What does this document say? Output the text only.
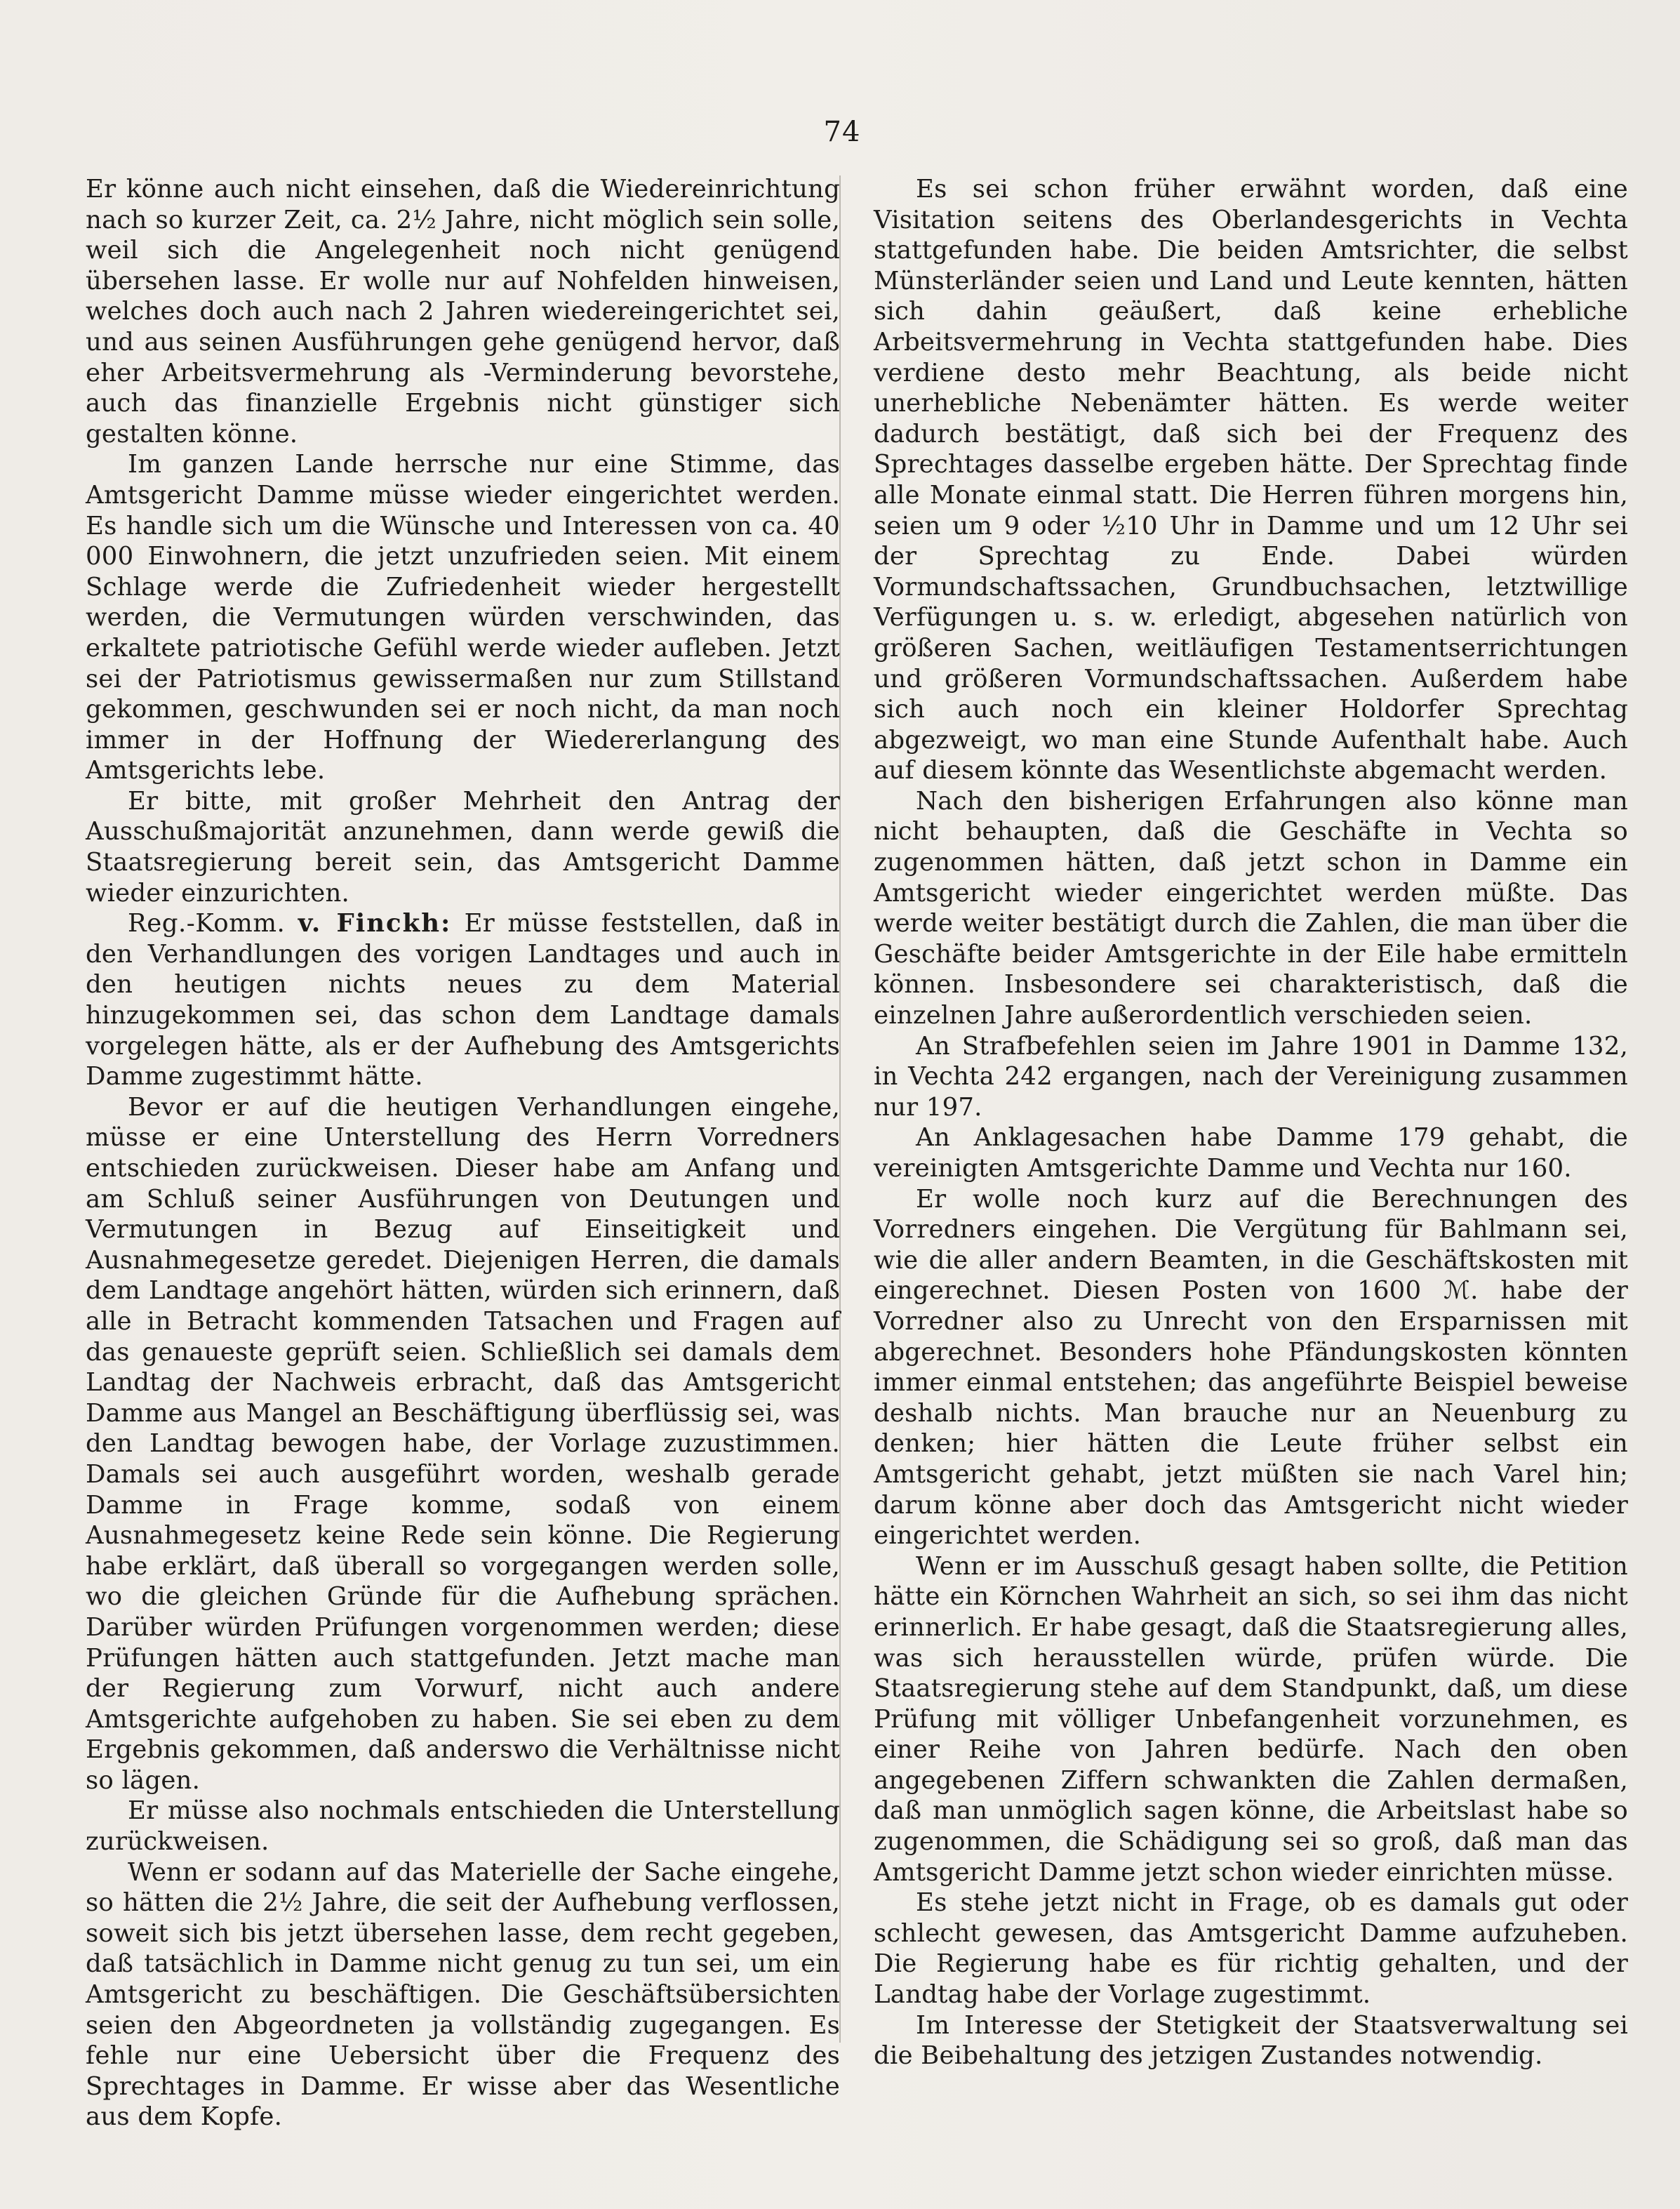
74

Er könne auch nicht einsehen, daß die Wiedereinrichtung nach so kurzer Zeit, ca. 2½ Jahre, nicht möglich sein solle, weil sich die Angelegenheit noch nicht genügend übersehen lasse. Er wolle nur auf Nohfelden hinweisen, welches doch auch nach 2 Jahren wiedereingerichtet sei, und aus seinen Ausführungen gehe genügend hervor, daß eher Arbeitsvermehrung als -Verminderung bevorstehe, auch das finanzielle Ergebnis nicht günstiger sich gestalten könne.

Im ganzen Lande herrsche nur eine Stimme, das Amtsgericht Damme müsse wieder eingerichtet werden. Es handle sich um die Wünsche und Interessen von ca. 40 000 Einwohnern, die jetzt unzufrieden seien. Mit einem Schlage werde die Zufriedenheit wieder hergestellt werden, die Vermutungen würden verschwinden, das erkaltete patriotische Gefühl werde wieder aufleben. Jetzt sei der Patriotismus gewissermaßen nur zum Stillstand gekommen, geschwunden sei er noch nicht, da man noch immer in der Hoffnung der Wiedererlangung des Amtsgerichts lebe.

Er bitte, mit großer Mehrheit den Antrag der Ausschußmajorität anzunehmen, dann werde gewiß die Staatsregierung bereit sein, das Amtsgericht Damme wieder einzurichten.

Reg.-Komm. v. Finckh: Er müsse feststellen, daß in den Verhandlungen des vorigen Landtages und auch in den heutigen nichts neues zu dem Material hinzugekommen sei, das schon dem Landtage damals vorgelegen hätte, als er der Aufhebung des Amtsgerichts Damme zugestimmt hätte.

Bevor er auf die heutigen Verhandlungen eingehe, müsse er eine Unterstellung des Herrn Vorredners entschieden zurückweisen. Dieser habe am Anfang und am Schluß seiner Ausführungen von Deutungen und Vermutungen in Bezug auf Einseitigkeit und Ausnahmegesetze geredet. Diejenigen Herren, die damals dem Landtage angehört hätten, würden sich erinnern, daß alle in Betracht kommenden Tatsachen und Fragen auf das genaueste geprüft seien. Schließlich sei damals dem Landtag der Nachweis erbracht, daß das Amtsgericht Damme aus Mangel an Beschäftigung überflüssig sei, was den Landtag bewogen habe, der Vorlage zuzustimmen. Damals sei auch ausgeführt worden, weshalb gerade Damme in Frage komme, sodaß von einem Ausnahmegesetz keine Rede sein könne. Die Regierung habe erklärt, daß überall so vorgegangen werden solle, wo die gleichen Gründe für die Aufhebung sprächen. Darüber würden Prüfungen vorgenommen werden; diese Prüfungen hätten auch stattgefunden. Jetzt mache man der Regierung zum Vorwurf, nicht auch andere Amtsgerichte aufgehoben zu haben. Sie sei eben zu dem Ergebnis gekommen, daß anderswo die Verhältnisse nicht so lägen.

Er müsse also nochmals entschieden die Unterstellung zurückweisen.

Wenn er sodann auf das Materielle der Sache eingehe, so hätten die 2½ Jahre, die seit der Aufhebung verflossen, soweit sich bis jetzt übersehen lasse, dem recht gegeben, daß tatsächlich in Damme nicht genug zu tun sei, um ein Amtsgericht zu beschäftigen. Die Geschäftsübersichten seien den Abgeordneten ja vollständig zugegangen. Es fehle nur eine Uebersicht über die Frequenz des Sprechtages in Damme. Er wisse aber das Wesentliche aus dem Kopfe.

Es sei schon früher erwähnt worden, daß eine Visitation seitens des Oberlandesgerichts in Vechta stattgefunden habe. Die beiden Amtsrichter, die selbst Münsterländer seien und Land und Leute kennten, hätten sich dahin geäußert, daß keine erhebliche Arbeitsvermehrung in Vechta stattgefunden habe. Dies verdiene desto mehr Beachtung, als beide nicht unerhebliche Nebenämter hätten. Es werde weiter dadurch bestätigt, daß sich bei der Frequenz des Sprechtages dasselbe ergeben hätte. Der Sprechtag finde alle Monate einmal statt. Die Herren führen morgens hin, seien um 9 oder ½10 Uhr in Damme und um 12 Uhr sei der Sprechtag zu Ende. Dabei würden Vormundschaftssachen, Grundbuchsachen, letztwillige Verfügungen u. s. w. erledigt, abgesehen natürlich von größeren Sachen, weitläufigen Testamentserrichtungen und größeren Vormundschaftssachen. Außerdem habe sich auch noch ein kleiner Holdorfer Sprechtag abgezweigt, wo man eine Stunde Aufenthalt habe. Auch auf diesem könnte das Wesentlichste abgemacht werden.

Nach den bisherigen Erfahrungen also könne man nicht behaupten, daß die Geschäfte in Vechta so zugenommen hätten, daß jetzt schon in Damme ein Amtsgericht wieder eingerichtet werden müßte. Das werde weiter bestätigt durch die Zahlen, die man über die Geschäfte beider Amtsgerichte in der Eile habe ermitteln können. Insbesondere sei charakteristisch, daß die einzelnen Jahre außerordentlich verschieden seien.

An Strafbefehlen seien im Jahre 1901 in Damme 132, in Vechta 242 ergangen, nach der Vereinigung zusammen nur 197.

An Anklagesachen habe Damme 179 gehabt, die vereinigten Amtsgerichte Damme und Vechta nur 160.

Er wolle noch kurz auf die Berechnungen des Vorredners eingehen. Die Vergütung für Bahlmann sei, wie die aller andern Beamten, in die Geschäftskosten mit eingerechnet. Diesen Posten von 1600 ℳ. habe der Vorredner also zu Unrecht von den Ersparnissen mit abgerechnet. Besonders hohe Pfändungskosten könnten immer einmal entstehen; das angeführte Beispiel beweise deshalb nichts. Man brauche nur an Neuenburg zu denken; hier hätten die Leute früher selbst ein Amtsgericht gehabt, jetzt müßten sie nach Varel hin; darum könne aber doch das Amtsgericht nicht wieder eingerichtet werden.

Wenn er im Ausschuß gesagt haben sollte, die Petition hätte ein Körnchen Wahrheit an sich, so sei ihm das nicht erinnerlich. Er habe gesagt, daß die Staatsregierung alles, was sich herausstellen würde, prüfen würde. Die Staatsregierung stehe auf dem Standpunkt, daß, um diese Prüfung mit völliger Unbefangenheit vorzunehmen, es einer Reihe von Jahren bedürfe. Nach den oben angegebenen Ziffern schwankten die Zahlen dermaßen, daß man unmöglich sagen könne, die Arbeitslast habe so zugenommen, die Schädigung sei so groß, daß man das Amtsgericht Damme jetzt schon wieder einrichten müsse.

Es stehe jetzt nicht in Frage, ob es damals gut oder schlecht gewesen, das Amtsgericht Damme aufzuheben. Die Regierung habe es für richtig gehalten, und der Landtag habe der Vorlage zugestimmt.

Im Interesse der Stetigkeit der Staatsverwaltung sei die Beibehaltung des jetzigen Zustandes notwendig.
